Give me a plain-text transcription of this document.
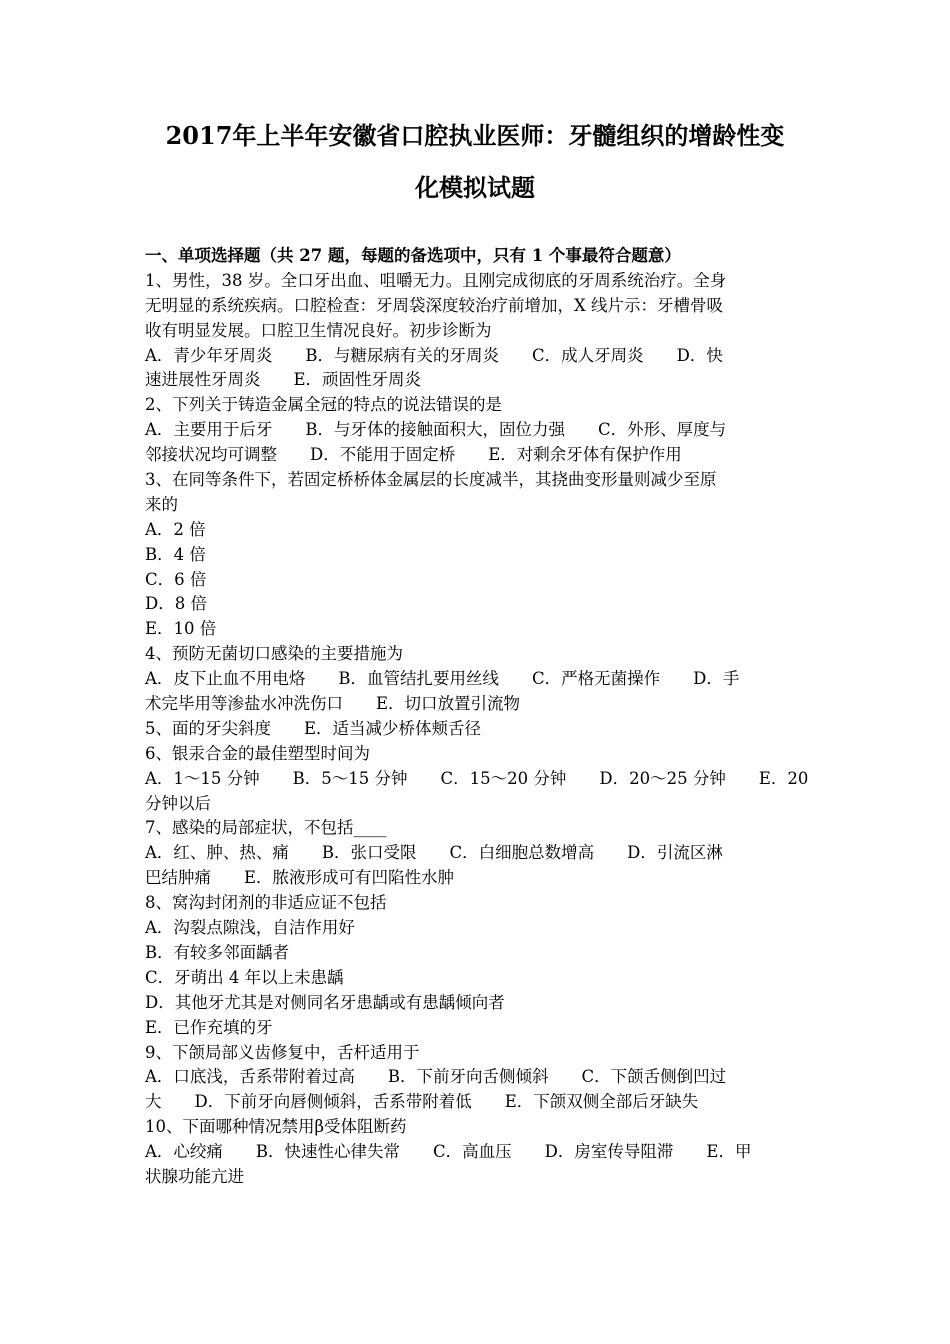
2017年上半年安徽省口腔执业医师：牙髓组织的增龄性变
化模拟试题
一、单项选择题（共 27 题，每题的备选项中，只有 1 个事最符合题意）
1、男性，38 岁。全口牙出血、咀嚼无力。且刚完成彻底的牙周系统治疗。全身
无明显的系统疾病。口腔检查：牙周袋深度较治疗前增加，X 线片示：牙槽骨吸
收有明显发展。口腔卫生情况良好。初步诊断为
A．青少年牙周炎　　B．与糖尿病有关的牙周炎　　C．成人牙周炎　　D．快
速进展性牙周炎　　E．顽固性牙周炎
2、下列关于铸造金属全冠的特点的说法错误的是
A．主要用于后牙　　B．与牙体的接触面积大，固位力强　　C．外形、厚度与
邻接状况均可调整　　D．不能用于固定桥　　E．对剩余牙体有保护作用
3、在同等条件下，若固定桥桥体金属层的长度减半，其挠曲变形量则减少至原
来的
A．2 倍
B．4 倍
C．6 倍
D．8 倍
E．10 倍
4、预防无菌切口感染的主要措施为
A．皮下止血不用电烙　　B．血管结扎要用丝线　　C．严格无菌操作　　D．手
术完毕用等渗盐水冲洗伤口　　E．切口放置引流物
5、面的牙尖斜度　　E．适当减少桥体颊舌径
6、银汞合金的最佳塑型时间为
A．1～15 分钟　　B．5～15 分钟　　C．15～20 分钟　　D．20～25 分钟　　E．20
分钟以后
7、感染的局部症状，不包括____
A．红、肿、热、痛　　B．张口受限　　C．白细胞总数增高　　D．引流区淋
巴结肿痛　　E．脓液形成可有凹陷性水肿
8、窝沟封闭剂的非适应证不包括
A．沟裂点隙浅，自洁作用好
B．有较多邻面龋者
C．牙萌出 4 年以上未患龋
D．其他牙尤其是对侧同名牙患龋或有患龋倾向者
E．已作充填的牙
9、下颌局部义齿修复中，舌杆适用于
A．口底浅，舌系带附着过高　　B．下前牙向舌侧倾斜　　C．下颌舌侧倒凹过
大　　D．下前牙向唇侧倾斜，舌系带附着低　　E．下颌双侧全部后牙缺失
10、下面哪种情况禁用β受体阻断药
A．心绞痛　　B．快速性心律失常　　C．高血压　　D．房室传导阻滞　　E．甲
状腺功能亢进
